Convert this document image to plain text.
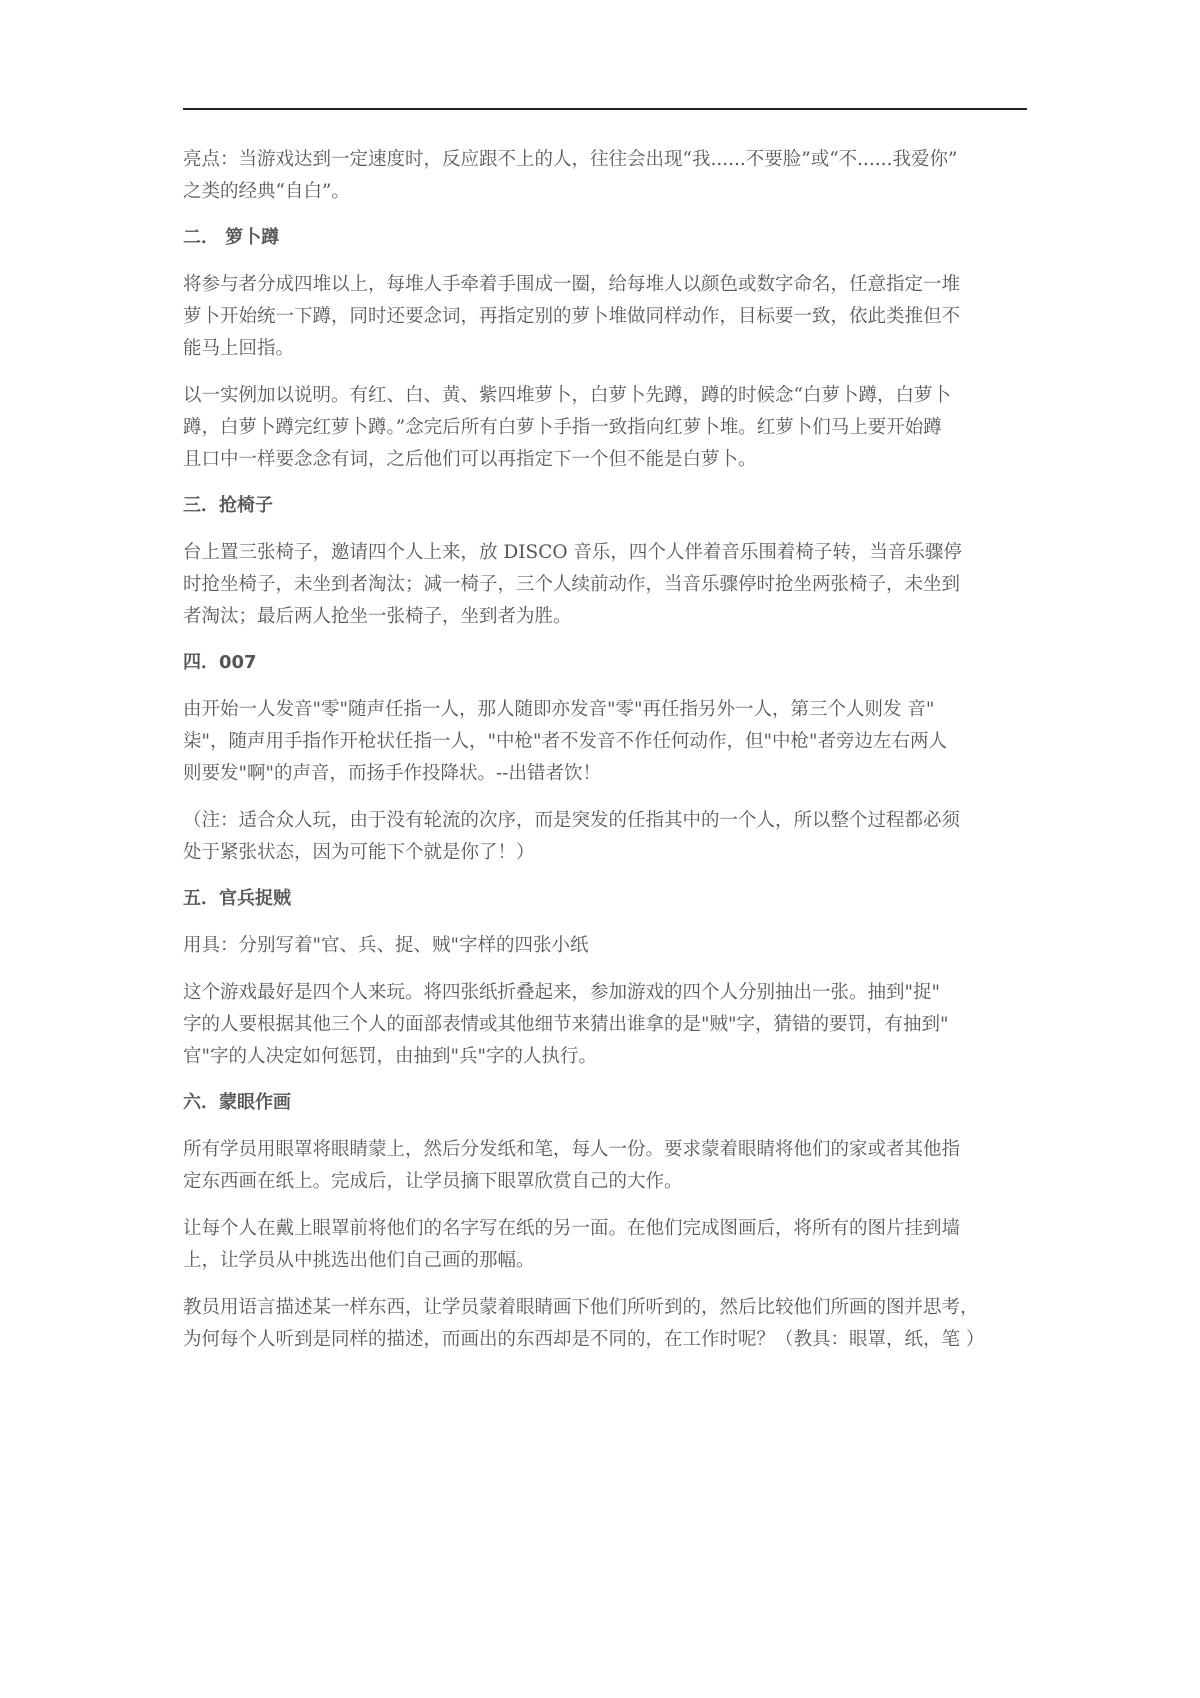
亮点：当游戏达到一定速度时，反应跟不上的人，往往会出现“我......不要脸”或“不......我爱你”
之类的经典“自白”。
二． 箩卜蹲
将参与者分成四堆以上，每堆人手牵着手围成一圈，给每堆人以颜色或数字命名，任意指定一堆
萝卜开始统一下蹲，同时还要念词，再指定别的萝卜堆做同样动作，目标要一致，依此类推但不
能马上回指。
以一实例加以说明。有红、白、黄、紫四堆萝卜，白萝卜先蹲，蹲的时候念“白萝卜蹲，白萝卜
蹲，白萝卜蹲完红萝卜蹲。”念完后所有白萝卜手指一致指向红萝卜堆。红萝卜们马上要开始蹲
且口中一样要念念有词，之后他们可以再指定下一个但不能是白萝卜。
三．抢椅子
台上置三张椅子，邀请四个人上来，放 DISCO 音乐，四个人伴着音乐围着椅子转，当音乐骤停
时抢坐椅子，未坐到者淘汰；减一椅子，三个人续前动作，当音乐骤停时抢坐两张椅子，未坐到
者淘汰；最后两人抢坐一张椅子，坐到者为胜。
四．007
由开始一人发音"零"随声任指一人，那人随即亦发音"零"再任指另外一人，第三个人则发 音"
柒"，随声用手指作开枪状任指一人，"中枪"者不发音不作任何动作，但"中枪"者旁边左右两人
则要发"啊"的声音，而扬手作投降状。--出错者饮！
（注：适合众人玩，由于没有轮流的次序，而是突发的任指其中的一个人，所以整个过程都必须
处于紧张状态，因为可能下个就是你了！）
五．官兵捉贼
用具：分别写着"官、兵、捉、贼"字样的四张小纸
这个游戏最好是四个人来玩。将四张纸折叠起来，参加游戏的四个人分别抽出一张。抽到"捉"
字的人要根据其他三个人的面部表情或其他细节来猜出谁拿的是"贼"字，猜错的要罚，有抽到"
官"字的人决定如何惩罚，由抽到"兵"字的人执行。
六．蒙眼作画
所有学员用眼罩将眼睛蒙上，然后分发纸和笔，每人一份。要求蒙着眼睛将他们的家或者其他指
定东西画在纸上。完成后，让学员摘下眼罩欣赏自己的大作。
让每个人在戴上眼罩前将他们的名字写在纸的另一面。在他们完成图画后，将所有的图片挂到墙
上，让学员从中挑选出他们自己画的那幅。
教员用语言描述某一样东西，让学员蒙着眼睛画下他们所听到的，然后比较他们所画的图并思考，
为何每个人听到是同样的描述，而画出的东西却是不同的，在工作时呢？（教具：眼罩，纸，笔 ）
